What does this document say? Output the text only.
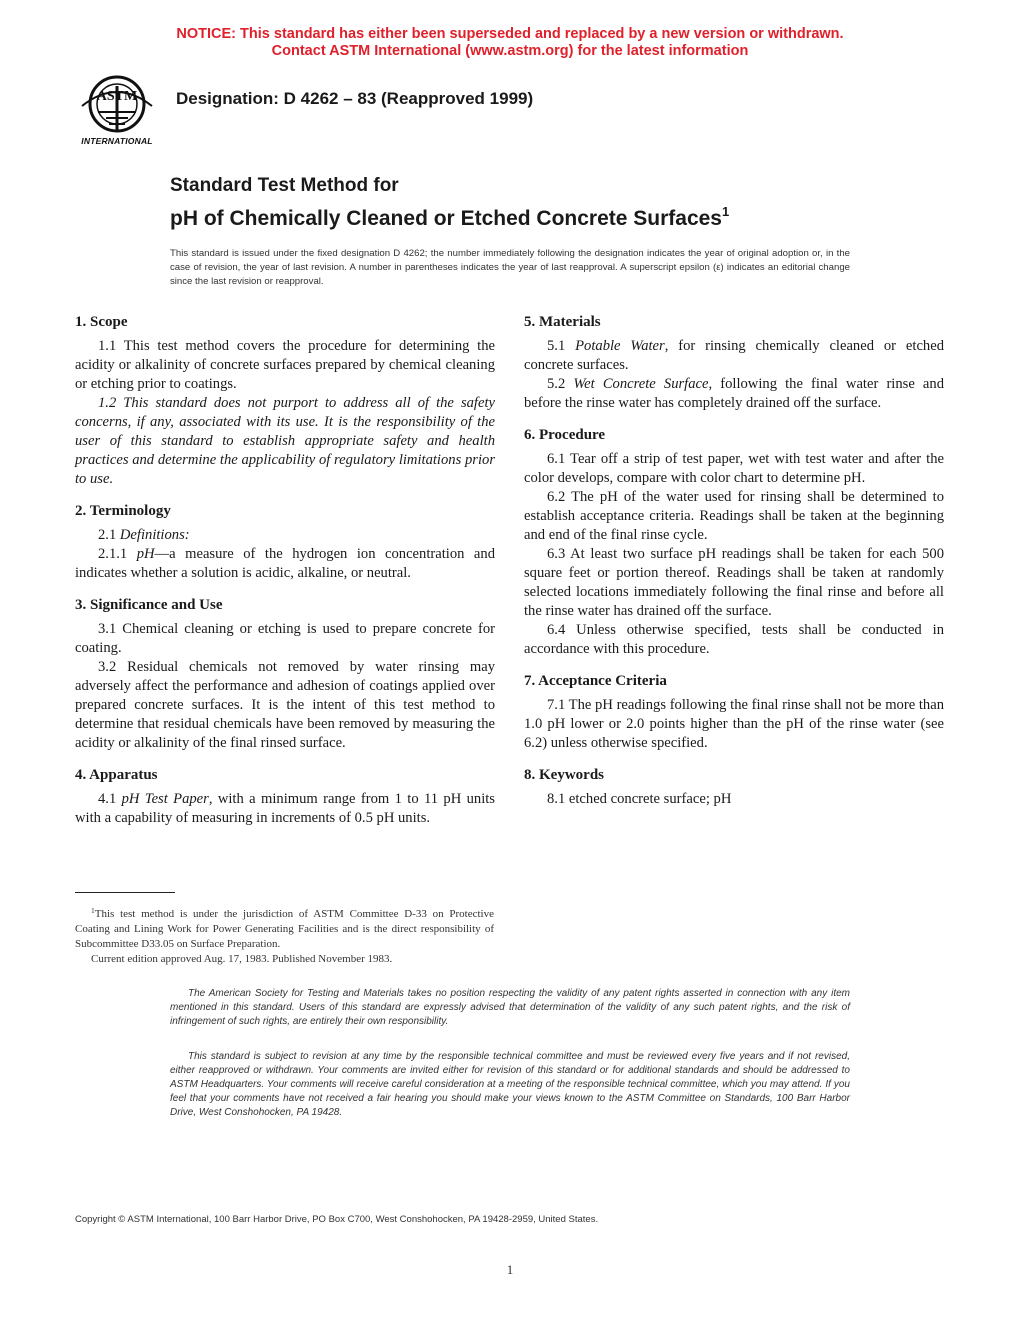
NOTICE: This standard has either been superseded and replaced by a new version or withdrawn.
Contact ASTM International (www.astm.org) for the latest information
ASTM
INTERNATIONAL
Designation: D 4262 – 83 (Reapproved 1999)
Standard Test Method for
pH of Chemically Cleaned or Etched Concrete Surfaces$^1$
This standard is issued under the fixed designation D 4262; the number immediately following the designation indicates the year of original adoption or, in the case of revision, the year of last revision. A number in parentheses indicates the year of last reapproval. A superscript epsilon (ε) indicates an editorial change since the last revision or reapproval.
1. Scope

1.1 This test method covers the procedure for determining the acidity or alkalinity of concrete surfaces prepared by chemical cleaning or etching prior to coatings.

1.2 This standard does not purport to address all of the safety concerns, if any, associated with its use. It is the responsibility of the user of this standard to establish appropriate safety and health practices and determine the applicability of regulatory limitations prior to use.

2. Terminology

2.1 Definitions:

2.1.1 pH—a measure of the hydrogen ion concentration and indicates whether a solution is acidic, alkaline, or neutral.

3. Significance and Use

3.1 Chemical cleaning or etching is used to prepare concrete for coating.

3.2 Residual chemicals not removed by water rinsing may adversely affect the performance and adhesion of coatings applied over prepared concrete surfaces. It is the intent of this test method to determine that residual chemicals have been removed by measuring the acidity or alkalinity of the final rinsed surface.

4. Apparatus

4.1 pH Test Paper, with a minimum range from 1 to 11 pH units with a capability of measuring in increments of 0.5 pH units.

5. Materials

5.1 Potable Water, for rinsing chemically cleaned or etched concrete surfaces.

5.2 Wet Concrete Surface, following the final water rinse and before the rinse water has completely drained off the surface.

6. Procedure

6.1 Tear off a strip of test paper, wet with test water and after the color develops, compare with color chart to determine pH.

6.2 The pH of the water used for rinsing shall be determined to establish acceptance criteria. Readings shall be taken at the beginning and end of the final rinse cycle.

6.3 At least two surface pH readings shall be taken for each 500 square feet or portion thereof. Readings shall be taken at randomly selected locations immediately following the final rinse and before all the rinse water has drained off the surface.

6.4 Unless otherwise specified, tests shall be conducted in accordance with this procedure.

7. Acceptance Criteria

7.1 The pH readings following the final rinse shall not be more than 1.0 pH lower or 2.0 points higher than the pH of the rinse water (see 6.2) unless otherwise specified.

8. Keywords

8.1 etched concrete surface; pH

$^1$This test method is under the jurisdiction of ASTM Committee D-33 on Protective Coating and Lining Work for Power Generating Facilities and is the direct responsibility of Subcommittee D33.05 on Surface Preparation.

Current edition approved Aug. 17, 1983. Published November 1983.

The American Society for Testing and Materials takes no position respecting the validity of any patent rights asserted in connection with any item mentioned in this standard. Users of this standard are expressly advised that determination of the validity of any such patent rights, and the risk of infringement of such rights, are entirely their own responsibility.
This standard is subject to revision at any time by the responsible technical committee and must be reviewed every five years and if not revised, either reapproved or withdrawn. Your comments are invited either for revision of this standard or for additional standards and should be addressed to ASTM Headquarters. Your comments will receive careful consideration at a meeting of the responsible technical committee, which you may attend. If you feel that your comments have not received a fair hearing you should make your views known to the ASTM Committee on Standards, 100 Barr Harbor Drive, West Conshohocken, PA 19428.
Copyright © ASTM International, 100 Barr Harbor Drive, PO Box C700, West Conshohocken, PA 19428-2959, United States.
1
